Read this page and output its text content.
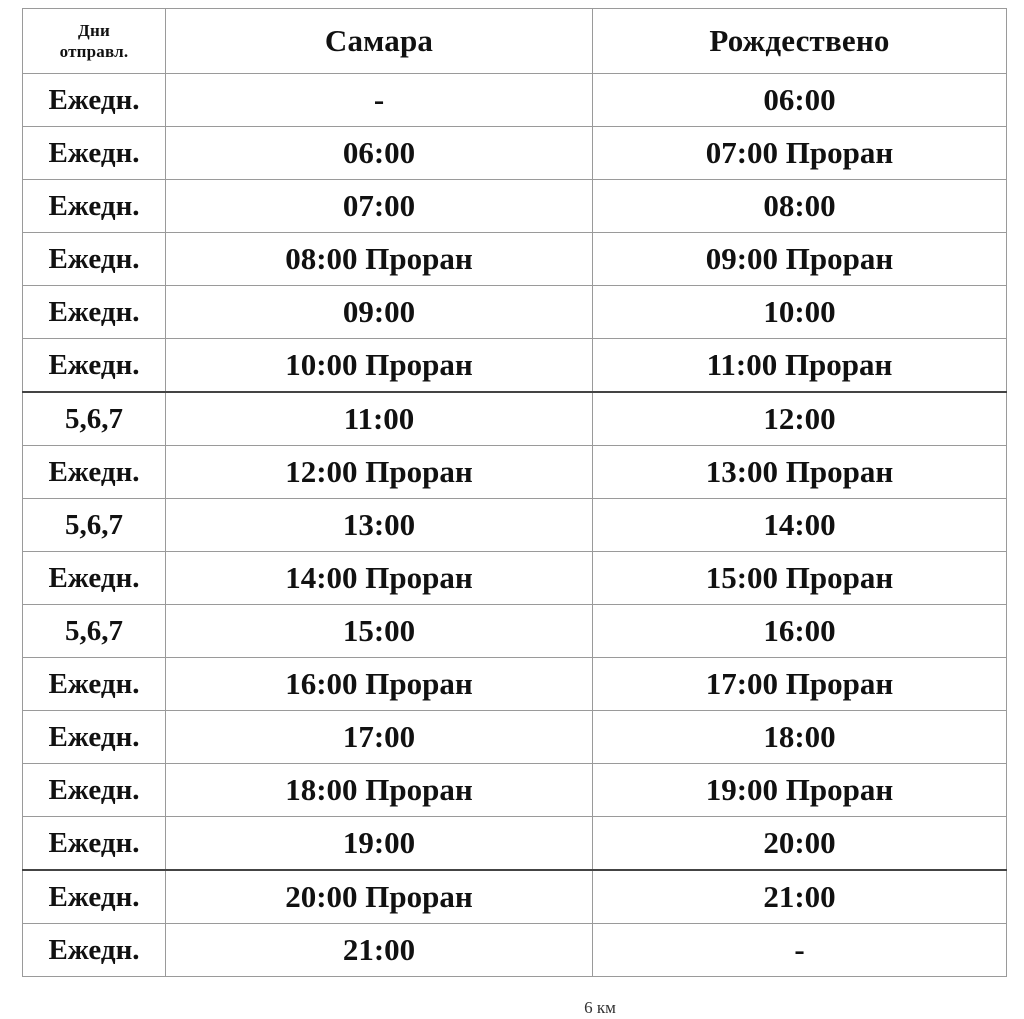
Дни
отправл.	Самара	Рождествено
Ежедн.	-	06:00
Ежедн.	06:00	07:00 Проран
Ежедн.	07:00	08:00
Ежедн.	08:00 Проран	09:00 Проран
Ежедн.	09:00	10:00
Ежедн.	10:00 Проран	11:00 Проран
5,6,7	11:00	12:00
Ежедн.	12:00 Проран	13:00 Проран
5,6,7	13:00	14:00
Ежедн.	14:00 Проран	15:00 Проран
5,6,7	15:00	16:00
Ежедн.	16:00 Проран	17:00 Проран
Ежедн.	17:00	18:00
Ежедн.	18:00 Проран	19:00 Проран
Ежедн.	19:00	20:00
Ежедн.	20:00 Проран	21:00
Ежедн.	21:00	-
6 км
